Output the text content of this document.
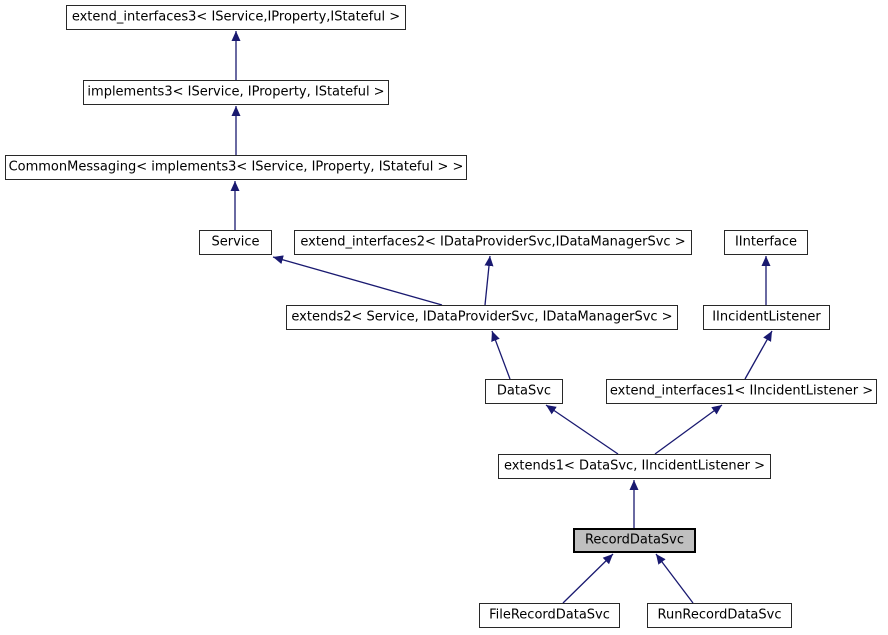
extend_interfaces3< IService,IProperty,IStateful >
implements3< IService, IProperty, IStateful >
CommonMessaging< implements3< IService, IProperty, IStateful > >
Service	extend_interfaces2< IDataProviderSvc,IDataManagerSvc >	IInterface
extends2< Service, IDataProviderSvc, IDataManagerSvc >	IIncidentListener
DataSvc	extend_interfaces1< IIncidentListener >
extends1< DataSvc, IIncidentListener >
RecordDataSvc
FileRecordDataSvc	RunRecordDataSvc
